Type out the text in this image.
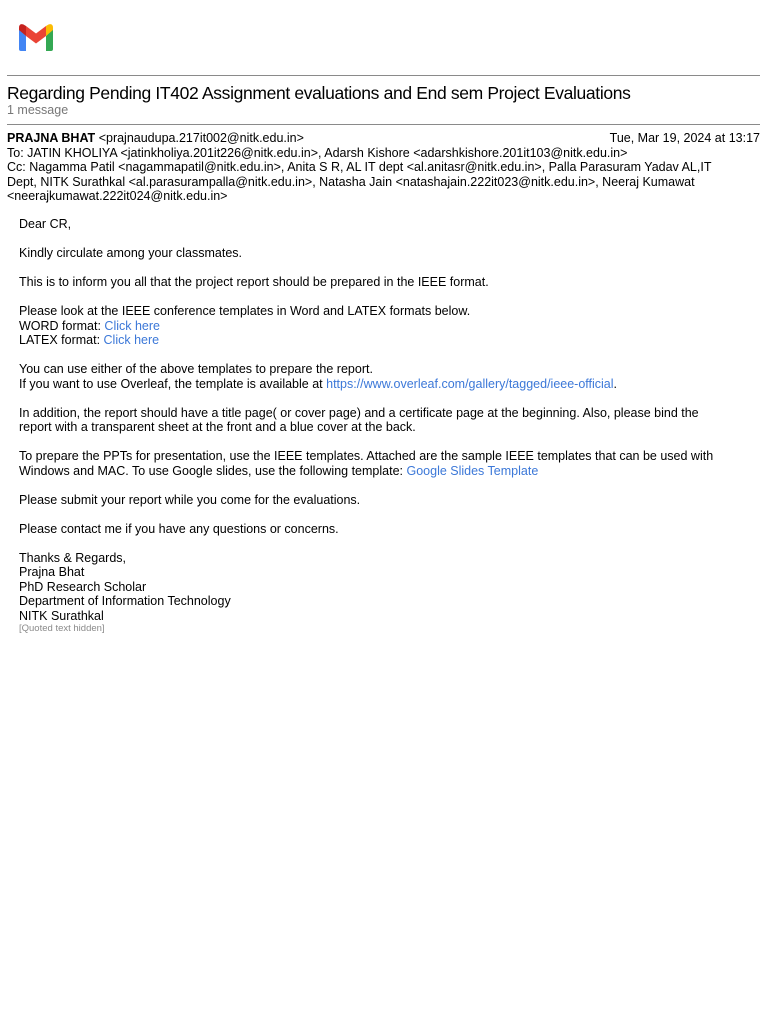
Regarding Pending IT402 Assignment evaluations and End sem Project Evaluations
1 message
PRAJNA BHAT <prajnaudupa.217it002@nitk.edu.in>	Tue, Mar 19, 2024 at 13:17
To: JATIN KHOLIYA <jatinkholiya.201it226@nitk.edu.in>, Adarsh Kishore <adarshkishore.201it103@nitk.edu.in>
Cc: Nagamma Patil <nagammapatil@nitk.edu.in>, Anita S R, AL IT dept <al.anitasr@nitk.edu.in>, Palla Parasuram Yadav AL,IT
Dept, NITK Surathkal <al.parasurampalla@nitk.edu.in>, Natasha Jain <natashajain.222it023@nitk.edu.in>, Neeraj Kumawat
<neerajkumawat.222it024@nitk.edu.in>

Dear CR,

Kindly circulate among your classmates.

This is to inform you all that the project report should be prepared in the IEEE format.

Please look at the IEEE conference templates in Word and LATEX formats below.
WORD format: Click here
LATEX format: Click here

You can use either of the above templates to prepare the report.
If you want to use Overleaf, the template is available at https://www.overleaf.com/gallery/tagged/ieee-official.

In addition, the report should have a title page( or cover page) and a certificate page at the beginning. Also, please bind the
report with a transparent sheet at the front and a blue cover at the back.

To prepare the PPTs for presentation, use the IEEE templates. Attached are the sample IEEE templates that can be used with
Windows and MAC. To use Google slides, use the following template: Google Slides Template

Please submit your report while you come for the evaluations.

Please contact me if you have any questions or concerns.

Thanks & Regards,
Prajna Bhat
PhD Research Scholar
Department of Information Technology
NITK Surathkal

[Quoted text hidden]
